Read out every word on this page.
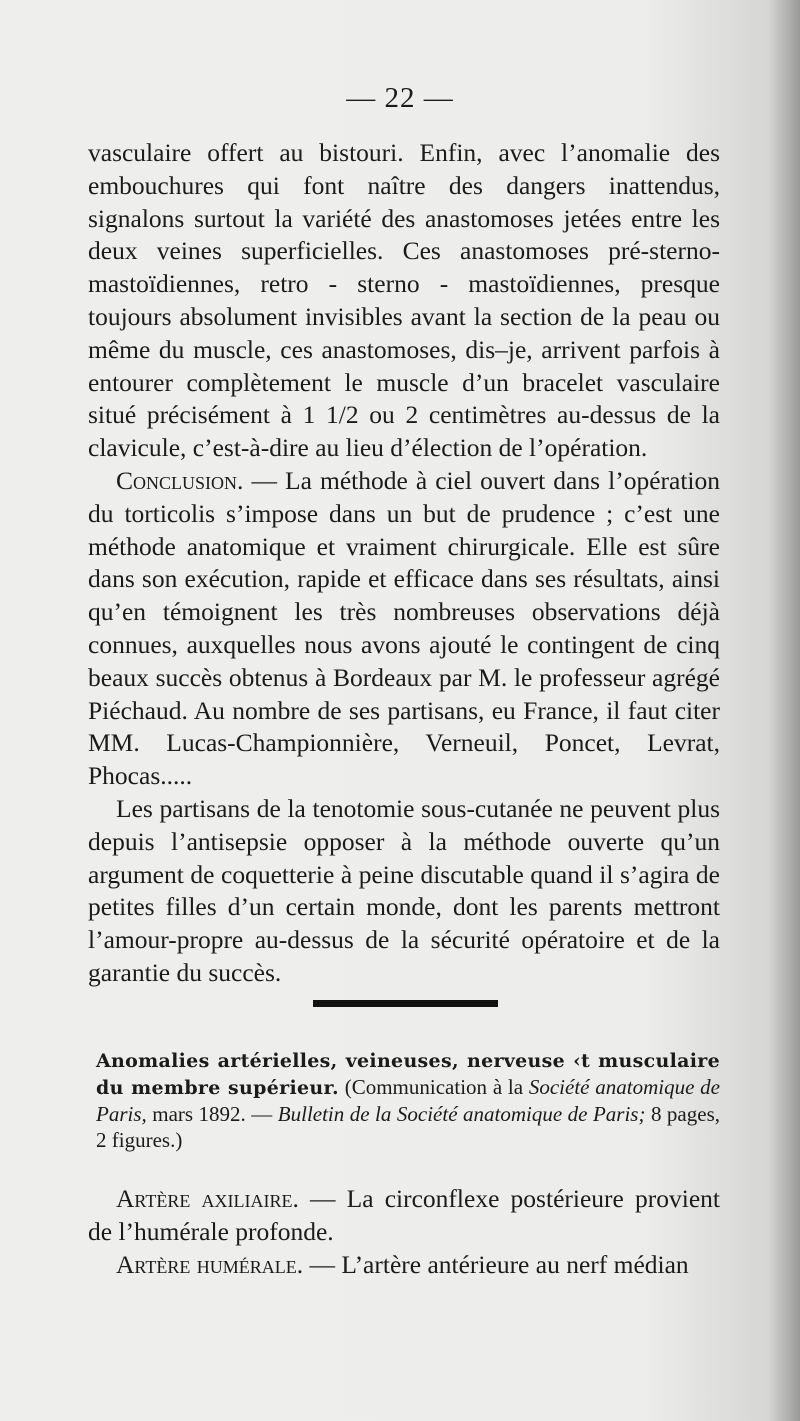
— 22 —

vasculaire offert au bistouri. Enfin, avec l’anomalie des embouchures qui font naître des dangers inattendus, signalons surtout la variété des anastomoses jetées entre les deux veines superficielles. Ces anastomoses pré-sterno-mastoïdiennes, retro - sterno - mastoïdiennes, presque toujours absolument invisibles avant la section de la peau ou même du muscle, ces anastomoses, dis–je, arrivent parfois à entourer complètement le muscle d’un bracelet vasculaire situé précisément à 1 1/2 ou 2 centimètres au-dessus de la clavicule, c’est-à-dire au lieu d’élection de l’opération.

Conclusion. — La méthode à ciel ouvert dans l’opération du torticolis s’impose dans un but de prudence ; c’est une méthode anatomique et vraiment chirurgicale. Elle est sûre dans son exécution, rapide et efficace dans ses résultats, ainsi qu’en témoignent les très nombreuses observations déjà connues, auxquelles nous avons ajouté le contingent de cinq beaux succès obtenus à Bordeaux par M. le professeur agrégé Piéchaud. Au nombre de ses partisans, eu France, il faut citer MM. Lucas-Championnière, Verneuil, Poncet, Levrat, Phocas.....

Les partisans de la tenotomie sous-cutanée ne peuvent plus depuis l’antisepsie opposer à la méthode ouverte qu’un argument de coquetterie à peine discutable quand il s’agira de petites filles d’un certain monde, dont les parents mettront l’amour-propre au-dessus de la sécurité opératoire et de la garantie du succès.

Anomalies artérielles, veineuses, nerveuse ‹t musculaire du membre supérieur. (Communication à la Société anatomique de Paris, mars 1892. — Bulletin de la Société anatomique de Paris; 8 pages, 2 figures.)

Artère axiliaire. — La circonflexe postérieure provient de l’humérale profonde.

Artère humérale. — L’artère antérieure au nerf médian
